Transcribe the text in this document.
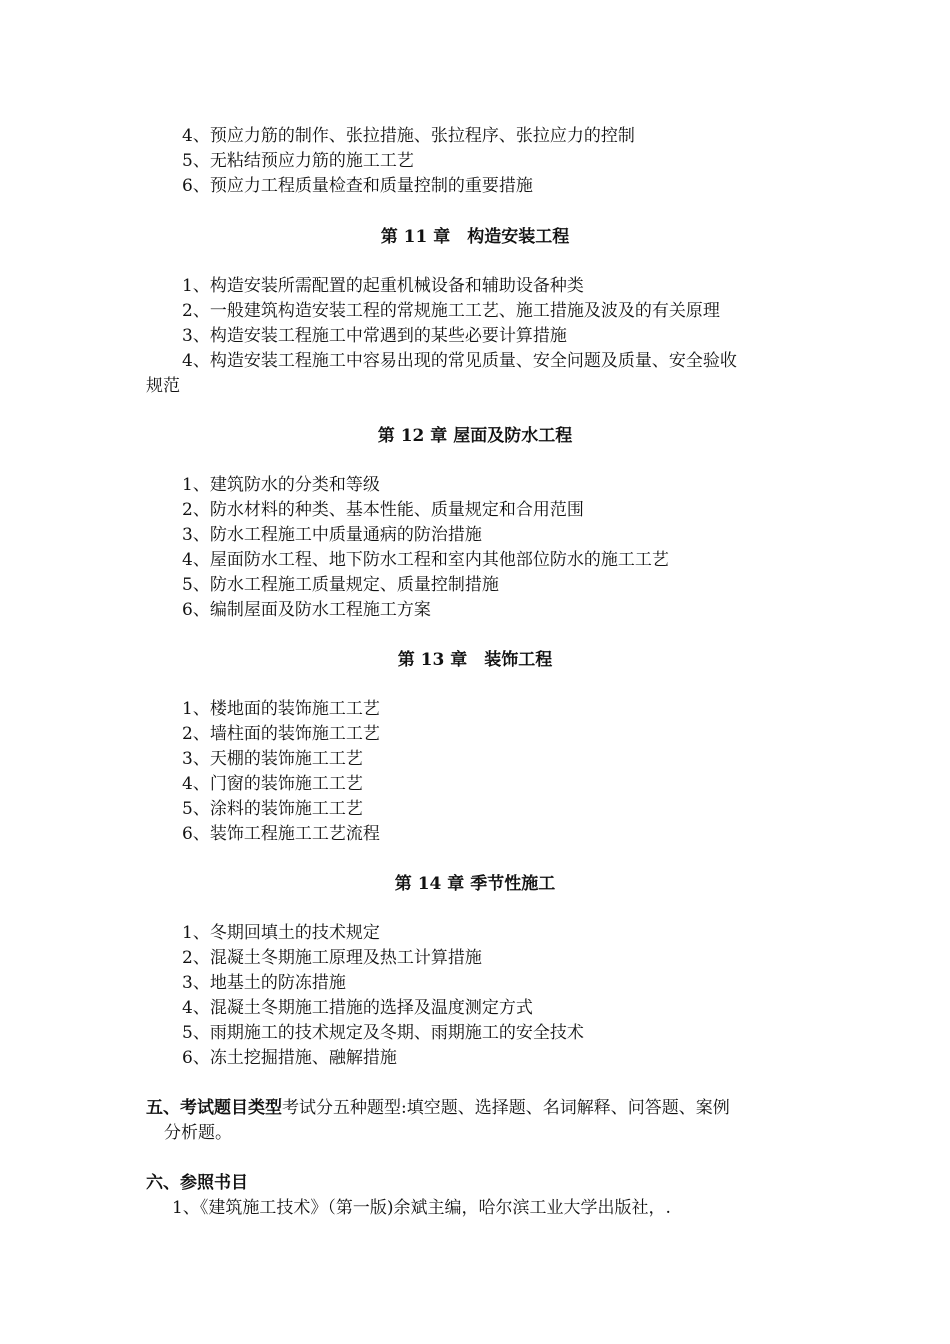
4、预应力筋的制作、张拉措施、张拉程序、张拉应力的控制
5、无粘结预应力筋的施工工艺
6、预应力工程质量检查和质量控制的重要措施
第 11 章　构造安装工程
1、构造安装所需配置的起重机械设备和辅助设备种类
2、一般建筑构造安装工程的常规施工工艺、施工措施及波及的有关原理
3、构造安装工程施工中常遇到的某些必要计算措施
4、构造安装工程施工中容易出现的常见质量、安全问题及质量、安全验收
规范
第 12 章 屋面及防水工程
1、建筑防水的分类和等级
2、防水材料的种类、基本性能、质量规定和合用范围
3、防水工程施工中质量通病的防治措施
4、屋面防水工程、地下防水工程和室内其他部位防水的施工工艺
5、防水工程施工质量规定、质量控制措施
6、编制屋面及防水工程施工方案
第 13 章　装饰工程
1、楼地面的装饰施工工艺
2、墙柱面的装饰施工工艺
3、天棚的装饰施工工艺
4、门窗的装饰施工工艺
5、涂料的装饰施工工艺
6、装饰工程施工工艺流程
第 14 章 季节性施工
1、冬期回填土的技术规定
2、混凝土冬期施工原理及热工计算措施
3、地基土的防冻措施
4、混凝土冬期施工措施的选择及温度测定方式
5、雨期施工的技术规定及冬期、雨期施工的安全技术
6、冻土挖掘措施、融解措施
五、考试题目类型考试分五种题型:填空题、选择题、名词解释、问答题、案例
分析题。
六、参照书目
1、《建筑施工技术》（第一版)余斌主编，哈尔滨工业大学出版社，.
